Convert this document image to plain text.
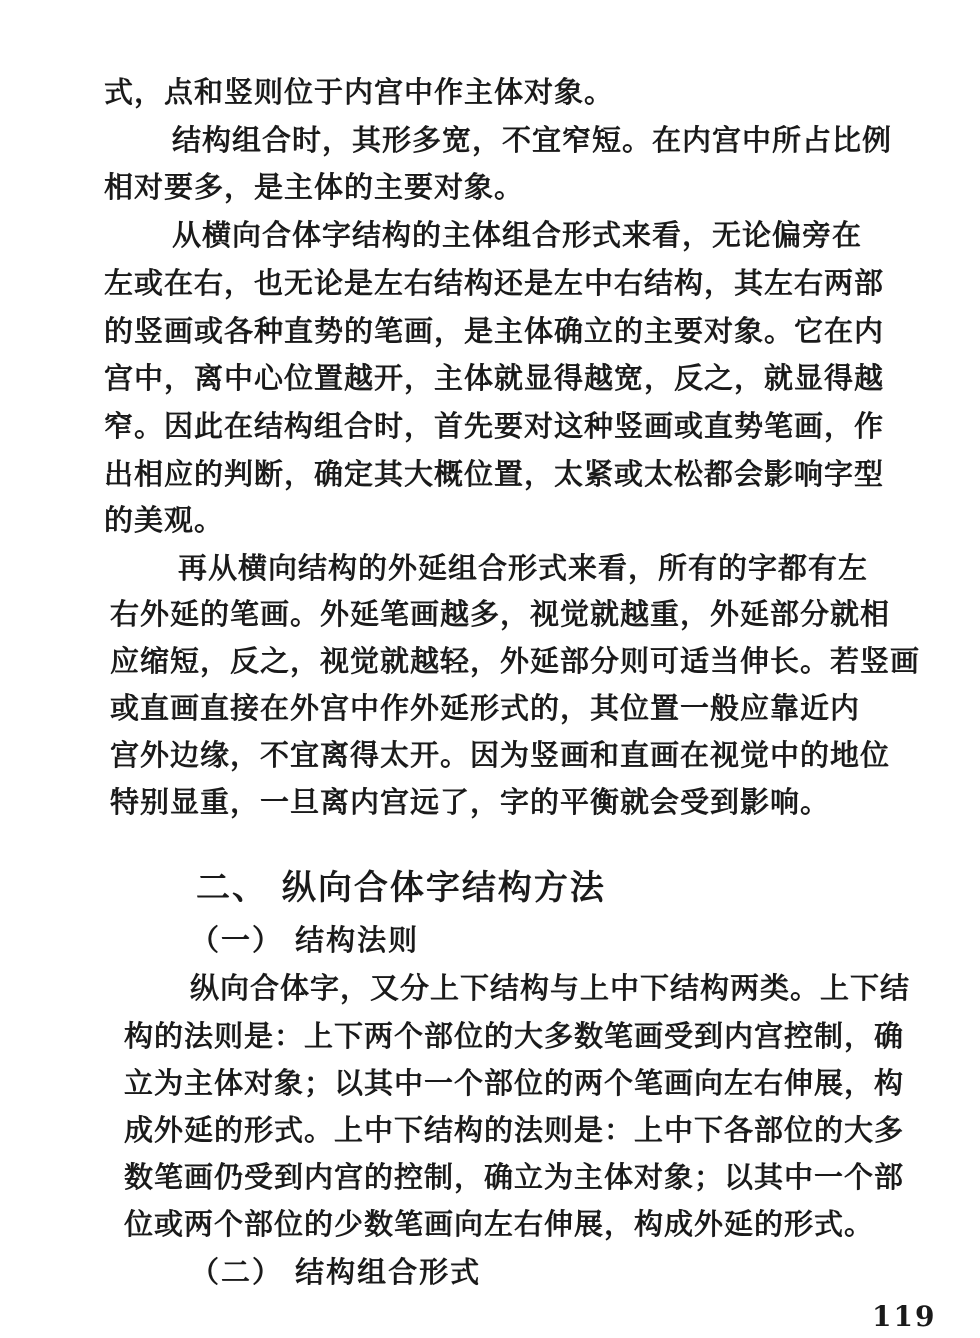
式，点和竖则位于内宫中作主体对象。
结构组合时，其形多宽，不宜窄短。在内宫中所占比例
相对要多，是主体的主要对象。
从横向合体字结构的主体组合形式来看，无论偏旁在
左或在右，也无论是左右结构还是左中右结构，其左右两部
的竖画或各种直势的笔画，是主体确立的主要对象。它在内
宫中，离中心位置越开，主体就显得越宽，反之，就显得越
窄。因此在结构组合时，首先要对这种竖画或直势笔画，作
出相应的判断，确定其大概位置，太紧或太松都会影响字型
的美观。
再从横向结构的外延组合形式来看，所有的字都有左
右外延的笔画。外延笔画越多，视觉就越重，外延部分就相
应缩短，反之，视觉就越轻，外延部分则可适当伸长。若竖画
或直画直接在外宫中作外延形式的，其位置一般应靠近内
宫外边缘，不宜离得太开。因为竖画和直画在视觉中的地位
特别显重，一旦离内宫远了，字的平衡就会受到影响。
二、 纵向合体字结构方法
（一） 结构法则
纵向合体字，又分上下结构与上中下结构两类。上下结
构的法则是：上下两个部位的大多数笔画受到内宫控制，确
立为主体对象；以其中一个部位的两个笔画向左右伸展，构
成外延的形式。上中下结构的法则是：上中下各部位的大多
数笔画仍受到内宫的控制，确立为主体对象；以其中一个部
位或两个部位的少数笔画向左右伸展，构成外延的形式。
（二） 结构组合形式
119
